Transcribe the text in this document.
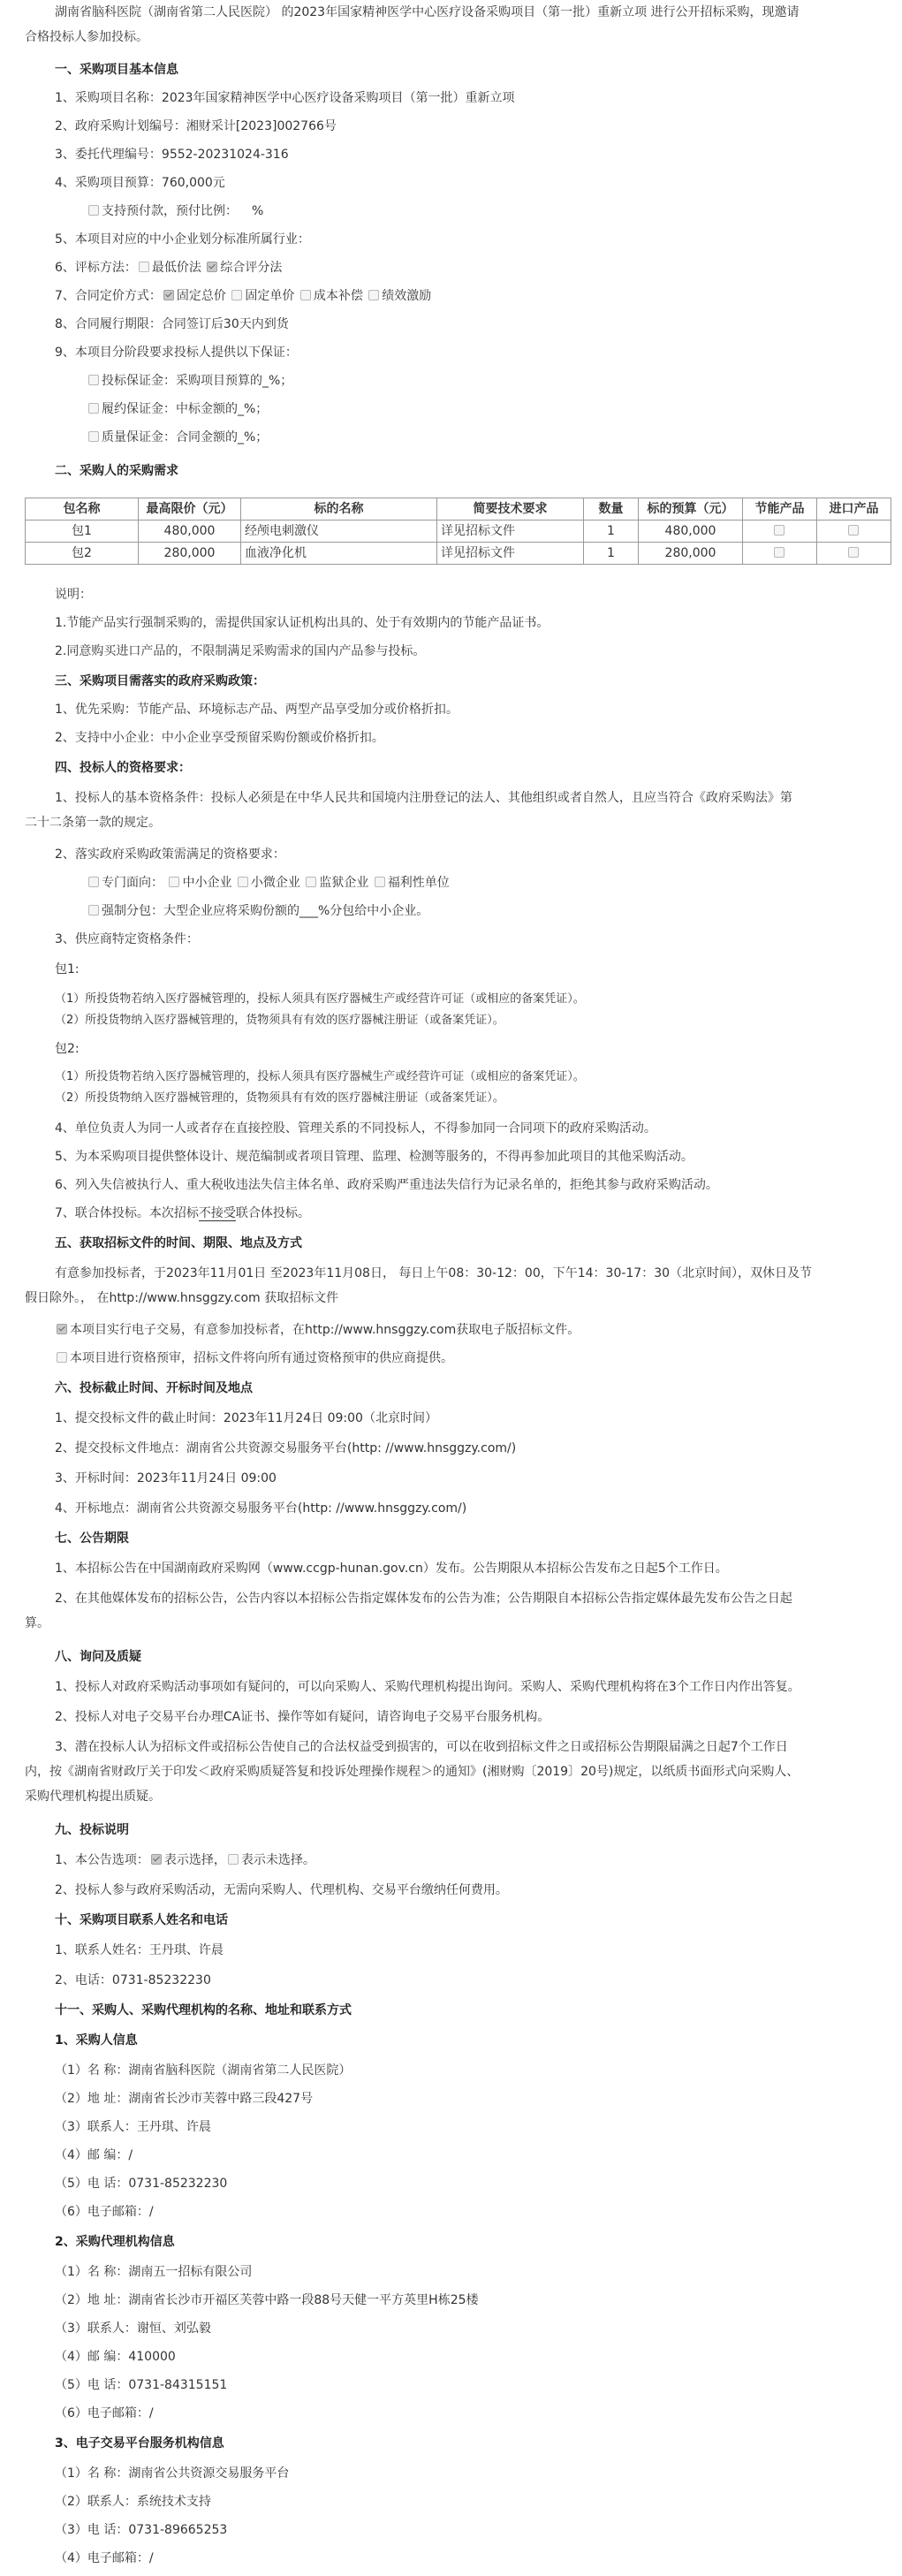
湖南省脑科医院（湖南省第二人民医院） 的2023年国家精神医学中心医疗设备采购项目（第一批）重新立项 进行公开招标采购，现邀请
合格投标人参加投标。
一、采购项目基本信息
1、采购项目名称：2023年国家精神医学中心医疗设备采购项目（第一批）重新立项
2、政府采购计划编号：湘财采计[2023]002766号
3、委托代理编号：9552-20231024-316
4、采购项目预算：760,000元
支持预付款，预付比例： %
5、本项目对应的中小企业划分标准所属行业：
6、评标方法： 最低价法 综合评分法
7、合同定价方式： 固定总价 固定单价 成本补偿 绩效激励
8、合同履行期限：合同签订后30天内到货
9、本项目分阶段要求投标人提供以下保证：
投标保证金：采购项目预算的_%；
履约保证金：中标金额的_%；
质量保证金：合同金额的_%；
二、采购人的采购需求
包名称	最高限价（元）	标的名称	简要技术要求	数量	标的预算（元）	节能产品	进口产品
包1	480,000	经颅电刺激仪	详见招标文件	1	480,000		
包2	280,000	血液净化机	详见招标文件	1	280,000		
说明：
1.节能产品实行强制采购的，需提供国家认证机构出具的、处于有效期内的节能产品证书。
2.同意购买进口产品的，不限制满足采购需求的国内产品参与投标。
三、采购项目需落实的政府采购政策：
1、优先采购：节能产品、环境标志产品、两型产品享受加分或价格折扣。
2、支持中小企业：中小企业享受预留采购份额或价格折扣。
四、投标人的资格要求：
1、投标人的基本资格条件：投标人必须是在中华人民共和国境内注册登记的法人、其他组织或者自然人，且应当符合《政府采购法》第
二十二条第一款的规定。
2、落实政府采购政策需满足的资格要求：
专门面向： 中小企业 小微企业 监狱企业 福利性单位
强制分包：大型企业应将采购份额的___%分包给中小企业。
3、供应商特定资格条件：
包1:
（1）所投货物若纳入医疗器械管理的，投标人须具有医疗器械生产或经营许可证（或相应的备案凭证）。
（2）所投货物纳入医疗器械管理的，货物须具有有效的医疗器械注册证（或备案凭证）。
包2:
（1）所投货物若纳入医疗器械管理的，投标人须具有医疗器械生产或经营许可证（或相应的备案凭证）。
（2）所投货物纳入医疗器械管理的，货物须具有有效的医疗器械注册证（或备案凭证）。
4、单位负责人为同一人或者存在直接控股、管理关系的不同投标人，不得参加同一合同项下的政府采购活动。
5、为本采购项目提供整体设计、规范编制或者项目管理、监理、检测等服务的，不得再参加此项目的其他采购活动。
6、列入失信被执行人、重大税收违法失信主体名单、政府采购严重违法失信行为记录名单的，拒绝其参与政府采购活动。
7、联合体投标。本次招标不接受联合体投标。
五、获取招标文件的时间、期限、地点及方式
有意参加投标者，于2023年11月01日 至2023年11月08日， 每日上午08：30-12：00，下午14：30-17：30（北京时间），双休日及节
假日除外。， 在http://www.hnsggzy.com 获取招标文件
本项目实行电子交易，有意参加投标者，在http://www.hnsggzy.com获取电子版招标文件。
本项目进行资格预审，招标文件将向所有通过资格预审的供应商提供。
六、投标截止时间、开标时间及地点
1、提交投标文件的截止时间：2023年11月24日 09:00（北京时间）
2、提交投标文件地点：湖南省公共资源交易服务平台(http: //www.hnsggzy.com/)
3、开标时间：2023年11月24日 09:00
4、开标地点：湖南省公共资源交易服务平台(http: //www.hnsggzy.com/)
七、公告期限
1、本招标公告在中国湖南政府采购网（www.ccgp-hunan.gov.cn）发布。公告期限从本招标公告发布之日起5个工作日。
2、在其他媒体发布的招标公告，公告内容以本招标公告指定媒体发布的公告为准；公告期限自本招标公告指定媒体最先发布公告之日起
算。
八、询问及质疑
1、投标人对政府采购活动事项如有疑问的，可以向采购人、采购代理机构提出询问。采购人、采购代理机构将在3个工作日内作出答复。
2、投标人对电子交易平台办理CA证书、操作等如有疑问，请咨询电子交易平台服务机构。
3、潜在投标人认为招标文件或招标公告使自己的合法权益受到损害的，可以在收到招标文件之日或招标公告期限届满之日起7个工作日
内，按《湖南省财政厅关于印发＜政府采购质疑答复和投诉处理操作规程＞的通知》(湘财购〔2019〕20号)规定，以纸质书面形式向采购人、
采购代理机构提出质疑。
九、投标说明
1、本公告选项： 表示选择， 表示未选择。
2、投标人参与政府采购活动，无需向采购人、代理机构、交易平台缴纳任何费用。
十、采购项目联系人姓名和电话
1、联系人姓名：王丹琪、许晨
2、电话：0731-85232230
十一、采购人、采购代理机构的名称、地址和联系方式
1、采购人信息
（1）名 称：湖南省脑科医院（湖南省第二人民医院）
（2）地 址：湖南省长沙市芙蓉中路三段427号
（3）联系人：王丹琪、许晨
（4）邮 编：/
（5）电 话：0731-85232230
（6）电子邮箱：/
2、采购代理机构信息
（1）名 称：湖南五一招标有限公司
（2）地 址：湖南省长沙市开福区芙蓉中路一段88号天健一平方英里H栋25楼
（3）联系人：谢恒、刘弘毅
（4）邮 编：410000
（5）电 话：0731-84315151
（6）电子邮箱：/
3、电子交易平台服务机构信息
（1）名 称：湖南省公共资源交易服务平台
（2）联系人：系统技术支持
（3）电 话：0731-89665253
（4）电子邮箱：/
